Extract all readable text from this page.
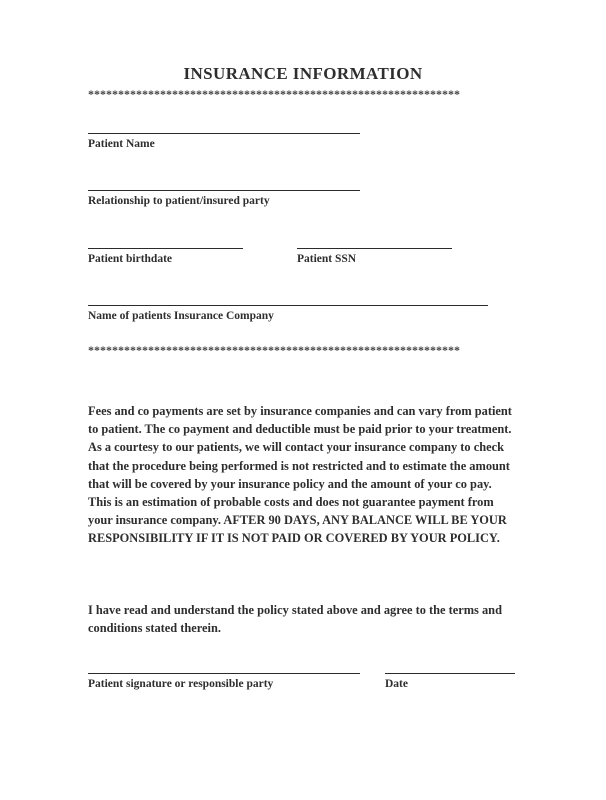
INSURANCE INFORMATION
**************************************************************
Patient Name
Relationship to patient/insured party
Patient birthdate	Patient SSN
Name of patients Insurance Company
**************************************************************
Fees and co payments are set by insurance companies and can vary from patient to patient. The co payment and deductible must be paid prior to your treatment. As a courtesy to our patients, we will contact your insurance company to check that the procedure being performed is not restricted and to estimate the amount that will be covered by your insurance policy and the amount of your co pay. This is an estimation of probable costs and does not guarantee payment from your insurance company. AFTER 90 DAYS, ANY BALANCE WILL BE YOUR RESPONSIBILITY IF IT IS NOT PAID OR COVERED BY YOUR POLICY.
I have read and understand the policy stated above and agree to the terms and conditions stated therein.
Patient signature or responsible party	Date
